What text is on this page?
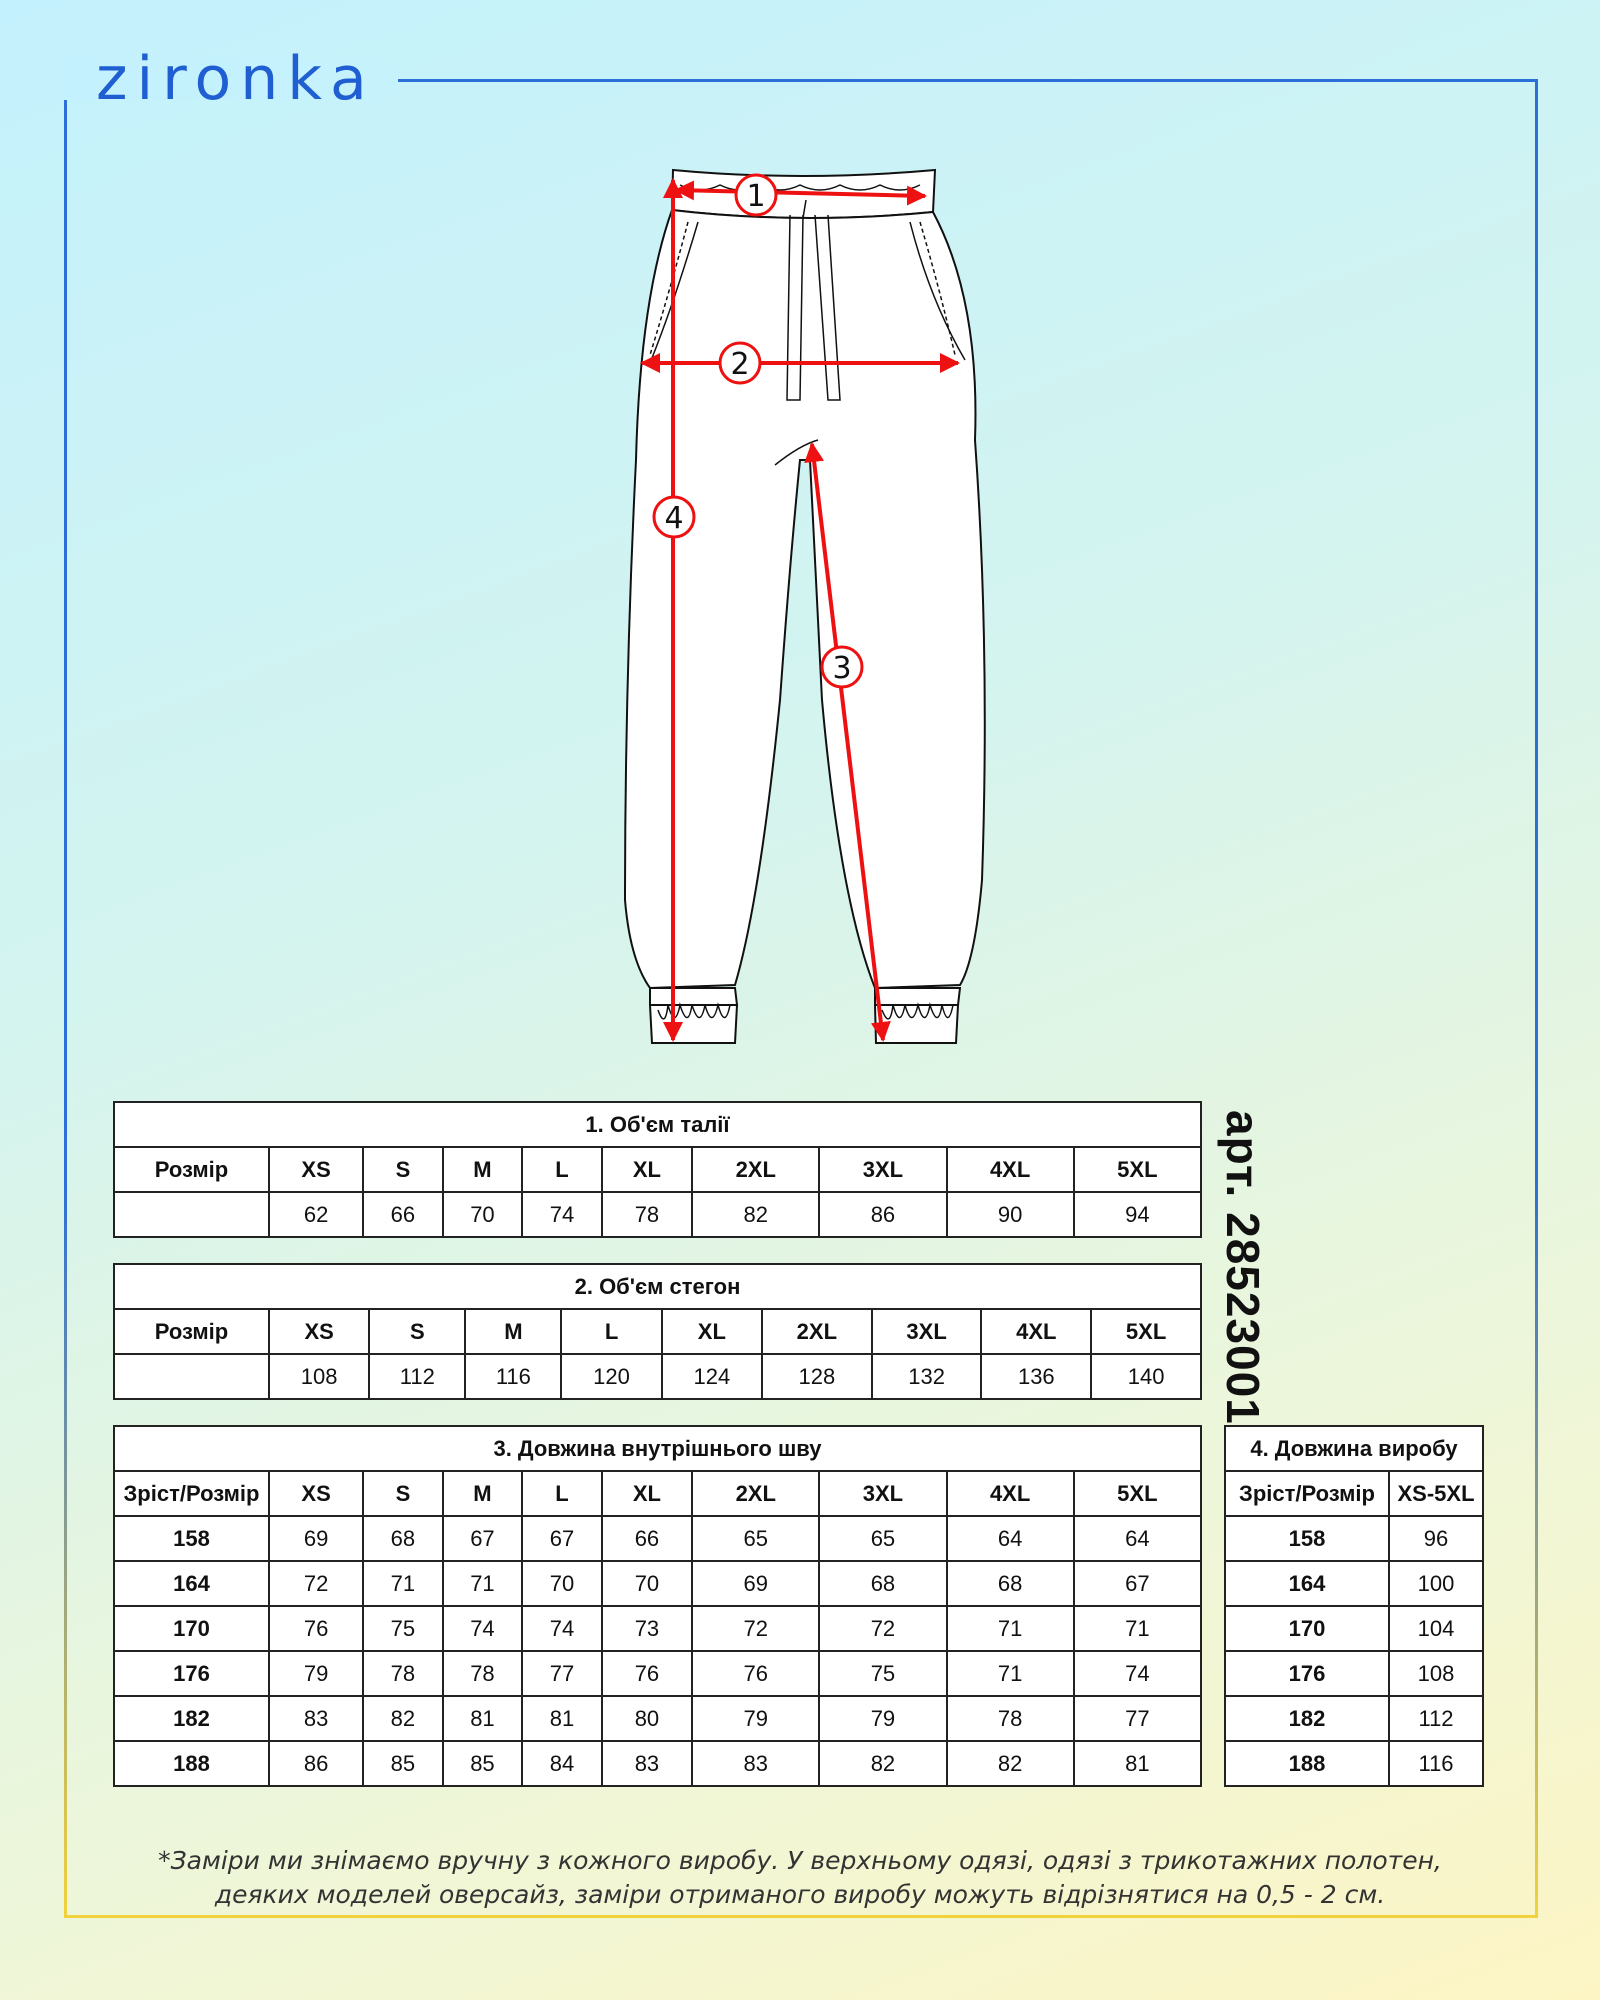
zironka
1
2
3
4
арт. 28523001
1. Об'єм талії									
Розмір	XS	S	M	L	XL	2XL	3XL	4XL	5XL
	62	66	70	74	78	82	86	90	94
2. Об'єм стегон									
Розмір	XS	S	M	L	XL	2XL	3XL	4XL	5XL
	108	112	116	120	124	128	132	136	140
3. Довжина внутрішнього шву									
Зріст/Розмір	XS	S	M	L	XL	2XL	3XL	4XL	5XL
158	69	68	67	67	66	65	65	64	64
164	72	71	71	70	70	69	68	68	67
170	76	75	74	74	73	72	72	71	71
176	79	78	78	77	76	76	75	71	74
182	83	82	81	81	80	79	79	78	77
188	86	85	85	84	83	83	82	82	81
4. Довжина виробу	
Зріст/Розмір	XS-5XL
158	96
164	100
170	104
176	108
182	112
188	116

*Заміри ми знімаємо вручну з кожного виробу. У верхньому одязі, одязі з трикотажних полотен,

деяких моделей оверсайз, заміри отриманого виробу можуть відрізнятися на 0,5 - 2 см.
